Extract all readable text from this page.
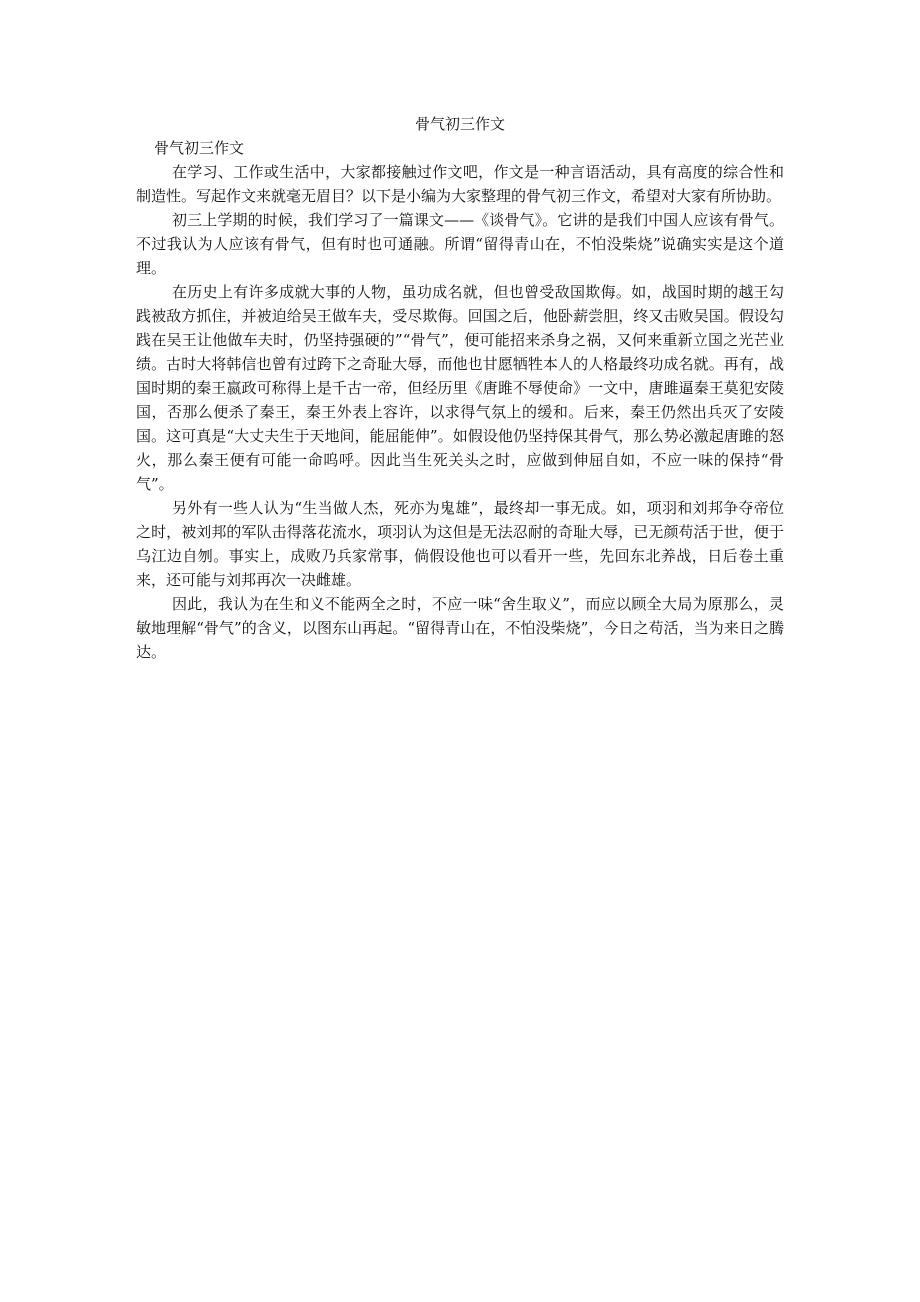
骨气初三作文
骨气初三作文

在学习、工作或生活中，大家都接触过作文吧，作文是一种言语活动，具有高度的综合性和制造性。写起作文来就毫无眉目？以下是小编为大家整理的骨气初三作文，希望对大家有所协助。

初三上学期的时候，我们学习了一篇课文——《谈骨气》。它讲的是我们中国人应该有骨气。不过我认为人应该有骨气，但有时也可通融。所谓“留得青山在，不怕没柴烧”说确实实是这个道理。

在历史上有许多成就大事的人物，虽功成名就，但也曾受敌国欺侮。如，战国时期的越王勾践被敌方抓住，并被迫给吴王做车夫，受尽欺侮。回国之后，他卧薪尝胆，终又击败吴国。假设勾践在吴王让他做车夫时，仍坚持强硬的”“骨气”，便可能招来杀身之祸，又何来重新立国之光芒业绩。古时大将韩信也曾有过跨下之奇耻大辱，而他也甘愿牺牲本人的人格最终功成名就。再有，战国时期的秦王嬴政可称得上是千古一帝，但经历里《唐雎不辱使命》一文中，唐雎逼秦王莫犯安陵国，否那么便杀了秦王，秦王外表上容许，以求得气氛上的缓和。后来，秦王仍然出兵灭了安陵国。这可真是“大丈夫生于天地间，能屈能伸”。如假设他仍坚持保其骨气，那么势必激起唐雎的怒火，那么秦王便有可能一命呜呼。因此当生死关头之时，应做到伸屈自如，不应一味的保持“骨气”。

另外有一些人认为“生当做人杰，死亦为鬼雄”，最终却一事无成。如，项羽和刘邦争夺帝位之时，被刘邦的军队击得落花流水，项羽认为这但是无法忍耐的奇耻大辱，已无颜苟活于世，便于乌江边自刎。事实上，成败乃兵家常事，倘假设他也可以看开一些，先回东北养战，日后卷土重来，还可能与刘邦再次一决雌雄。

因此，我认为在生和义不能两全之时，不应一味“舍生取义”，而应以顾全大局为原那么，灵敏地理解“骨气”的含义，以图东山再起。“留得青山在，不怕没柴烧”，今日之苟活，当为来日之腾达。
